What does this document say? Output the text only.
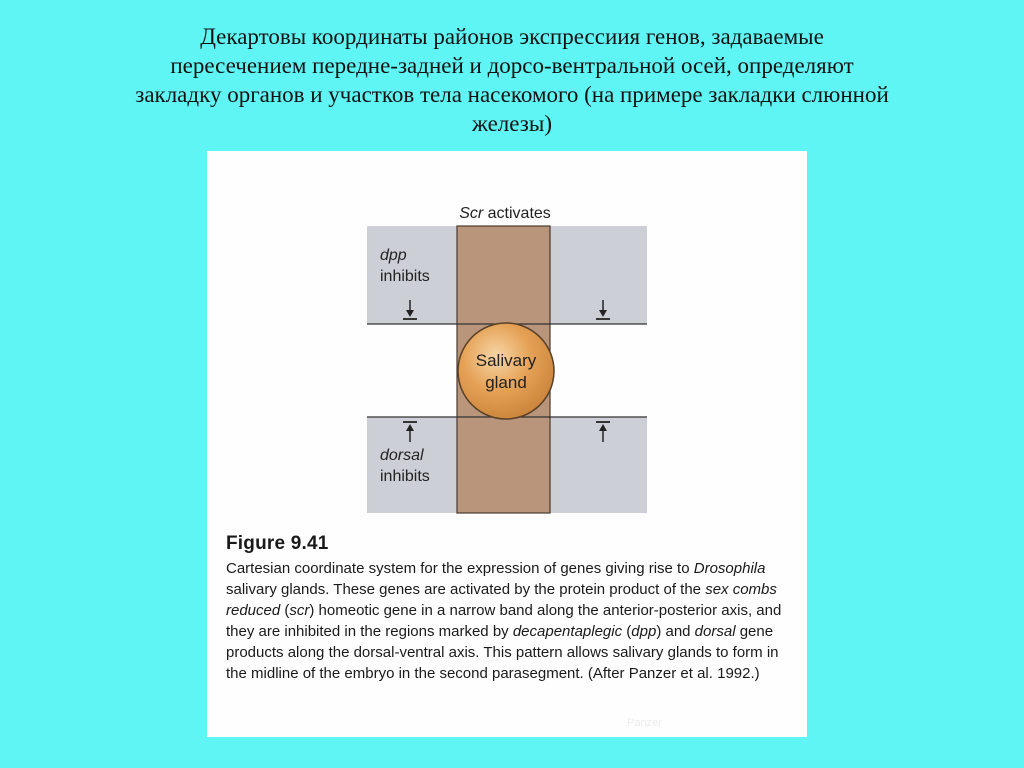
Декартовы координаты районов экспрессиия генов, задаваемые
пересечением передне-задней и дорсо-вентральной осей, определяют
закладку органов и участков тела насекомого (на примере закладки слюнной
железы)
Salivary
gland
Scr activates
dpp
inhibits
dorsal
inhibits

Figure 9.41

Cartesian coordinate system for the expression of genes giving rise to Drosophila salivary glands. These genes are activated by the protein product of the sex combs reduced (scr) homeotic gene in a narrow band along the anterior-posterior axis, and they are inhibited in the regions marked by decapentaplegic (dpp) and dorsal gene products along the dorsal-ventral axis. This pattern allows salivary glands to form in the midline of the embryo in the second parasegment. (After Panzer et al. 1992.)

Panzer
